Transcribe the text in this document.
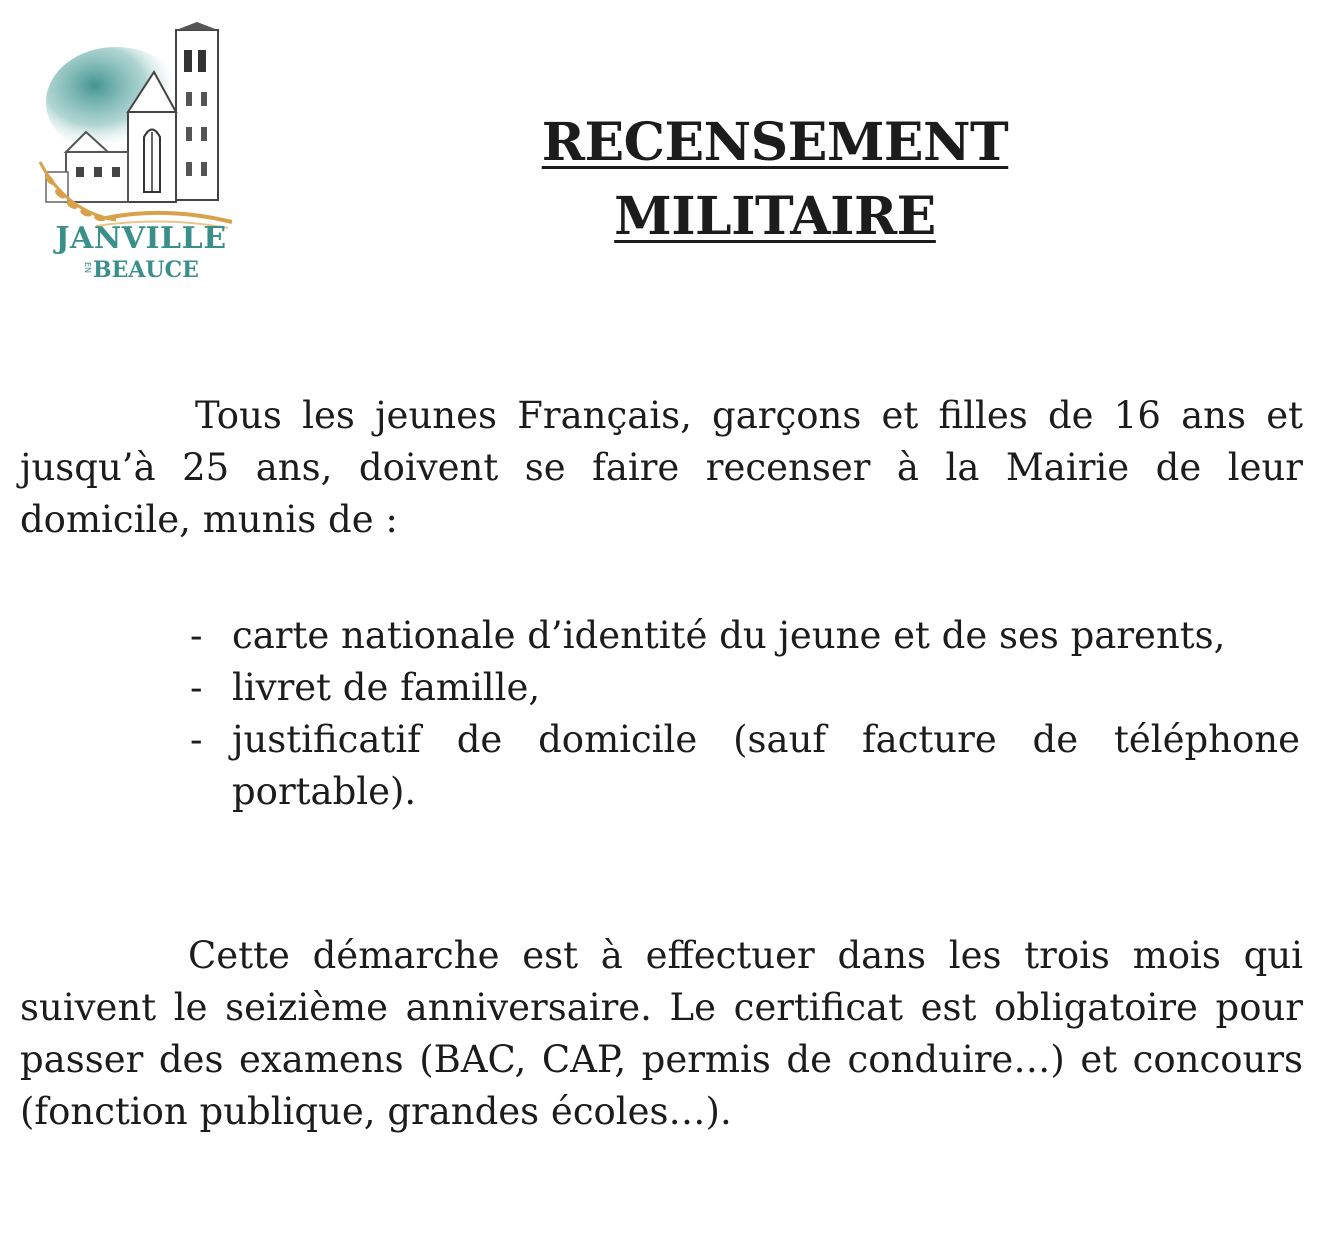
JANVILLE
EN BEAUCE
RECENSEMENT
MILITAIRE

Tous les jeunes Français, garçons et filles de 16 ans et jusqu’à 25 ans, doivent se faire recenser à la Mairie de leur domicile, munis de :

- carte nationale d’identité du jeune et de ses parents,
- livret de famille,
- justificatif de domicile (sauf facture de téléphone portable).

Cette démarche est à effectuer dans les trois mois qui suivent le seizième anniversaire. Le certificat est obligatoire pour passer des examens (BAC, CAP, permis de conduire…) et concours (fonction publique, grandes écoles…).
